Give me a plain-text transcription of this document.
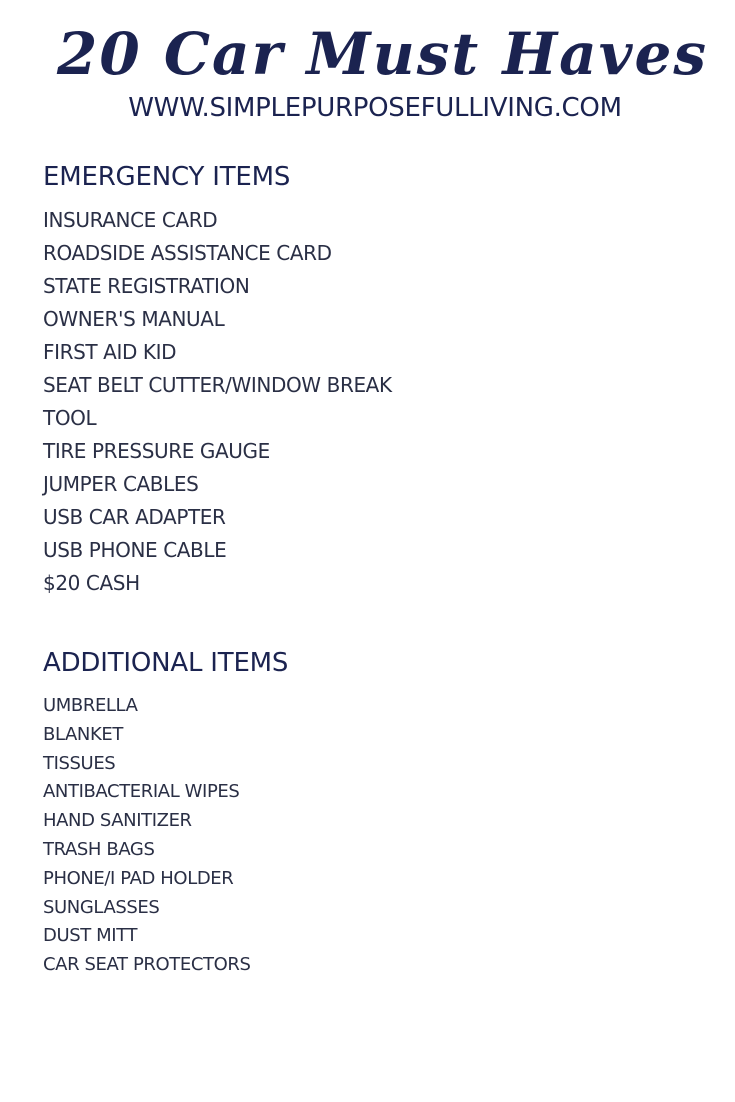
20 Car Must Haves
WWW.SIMPLEPURPOSEFULLIVING.COM
EMERGENCY ITEMS
INSURANCE CARD
ROADSIDE ASSISTANCE CARD
STATE REGISTRATION
OWNER'S MANUAL
FIRST AID KID
SEAT BELT CUTTER/WINDOW BREAK
TOOL
TIRE PRESSURE GAUGE
JUMPER CABLES
USB CAR ADAPTER
USB PHONE CABLE
$20 CASH
ADDITIONAL ITEMS
UMBRELLA
BLANKET
TISSUES
ANTIBACTERIAL WIPES
HAND SANITIZER
TRASH BAGS
PHONE/I PAD HOLDER
SUNGLASSES
DUST MITT
CAR SEAT PROTECTORS
